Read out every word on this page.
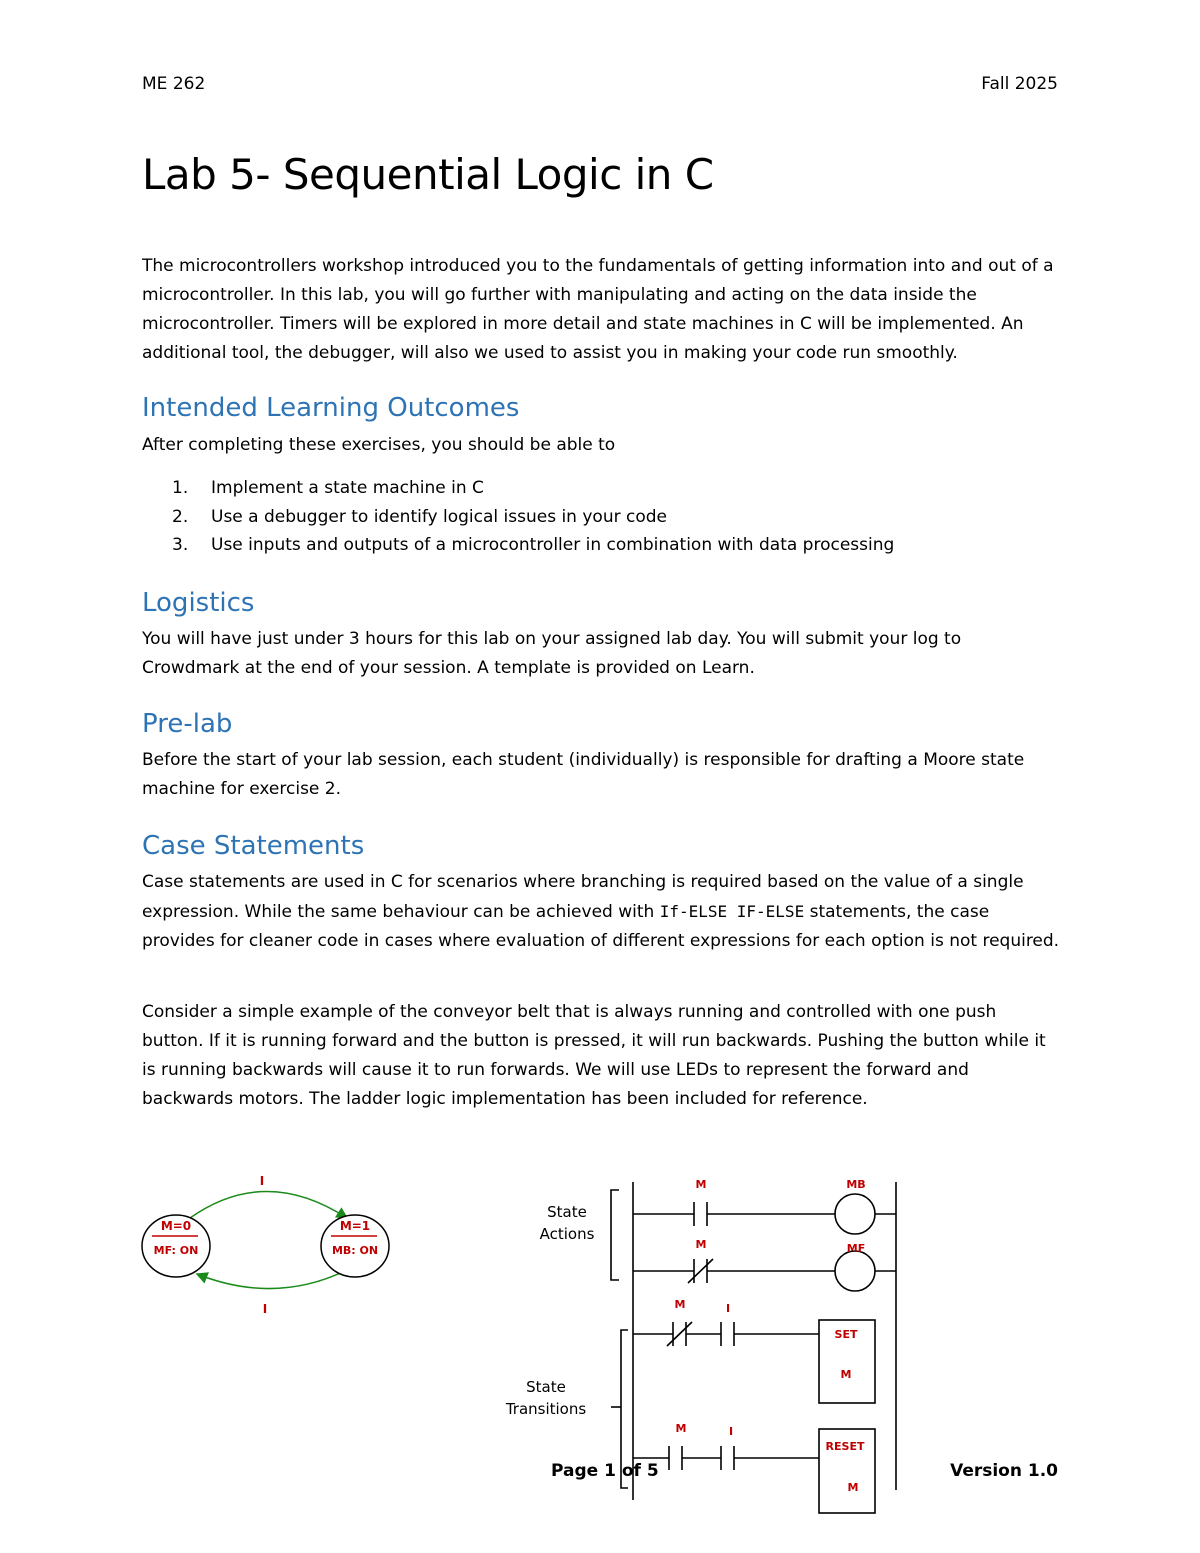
ME 262	Fall 2025
Lab 5- Sequential Logic in C

The microcontrollers workshop introduced you to the fundamentals of getting information into and out of a microcontroller. In this lab, you will go further with manipulating and acting on the data inside the microcontroller. Timers will be explored in more detail and state machines in C will be implemented. An additional tool, the debugger, will also we used to assist you in making your code run smoothly.

Intended Learning Outcomes

After completing these exercises, you should be able to

1. Implement a state machine in C
2. Use a debugger to identify logical issues in your code
3. Use inputs and outputs of a microcontroller in combination with data processing
Logistics

You will have just under 3 hours for this lab on your assigned lab day. You will submit your log to Crowdmark at the end of your session. A template is provided on Learn.

Pre-lab

Before the start of your lab session, each student (individually) is responsible for drafting a Moore state machine for exercise 2.

Case Statements

Case statements are used in C for scenarios where branching is required based on the value of a single expression. While the same behaviour can be achieved with If-ELSE IF-ELSE statements, the case provides for cleaner code in cases where evaluation of different expressions for each option is not required.

Consider a simple example of the conveyor belt that is always running and controlled with one push button. If it is running forward and the button is pressed, it will run backwards. Pushing the button while it is running backwards will cause it to run forwards. We will use LEDs to represent the forward and backwards motors. The ladder logic implementation has been included for reference.

M=0
MF: ON
M=1
MB: ON
I
I
State
Actions
State
Transitions
M	MB
M	MF
M	I
SET
M
M	I
RESET
M
Page 1 of 5	Version 1.0
